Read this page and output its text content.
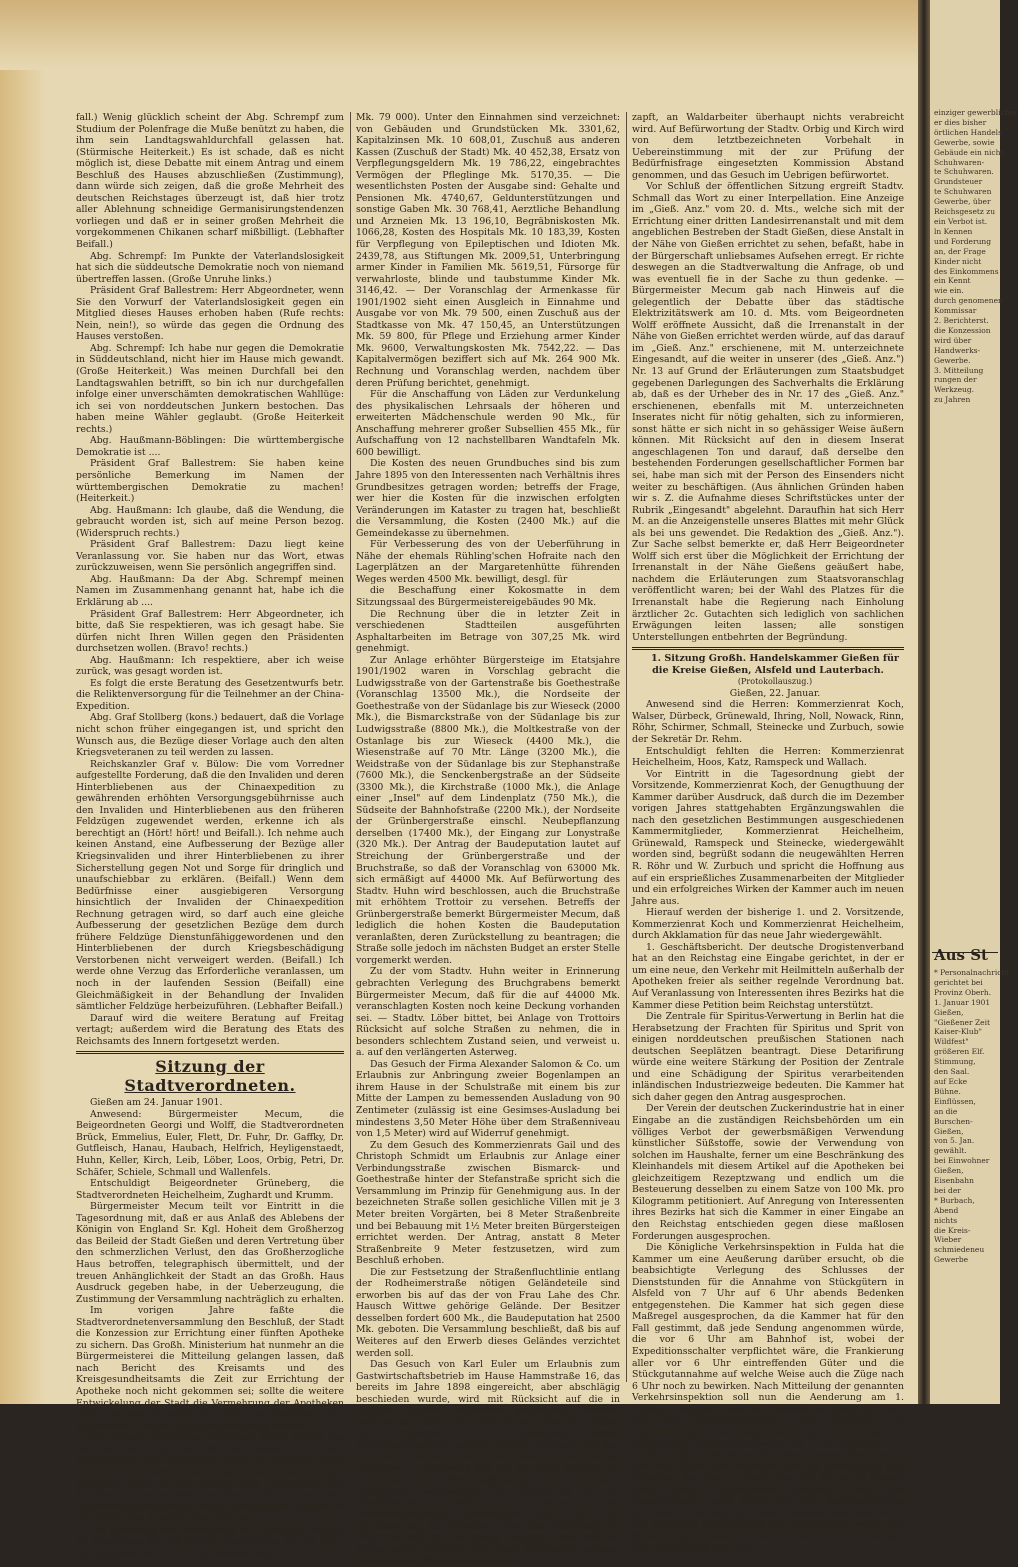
fall.) Wenig glücklich scheint der Abg. Schrempf zum Studium der Polenfrage die Muße benützt zu haben, die ihm sein Landtagswahldurchfall gelassen hat. (Stürmische Heiterkeit.) Es ist schade, daß es nicht möglich ist, diese Debatte mit einem Antrag und einem Beschluß des Hauses abzuschließen (Zustimmung), dann würde sich zeigen, daß die große Mehrheit des deutschen Reichstages überzeugt ist, daß hier trotz aller Ablehnung schneidige Germanisirungstendenzen vorliegen und daß er in seiner großen Mehrheit die vorgekommenen Chikanen scharf mißbilligt. (Lebhafter Beifall.)

Abg. Schrempf: Im Punkte der Vaterlandslosigkeit hat sich die süddeutsche Demokratie noch von niemand übertreffen lassen. (Große Unruhe links.)

Präsident Graf Ballestrem: Herr Abgeordneter, wenn Sie den Vorwurf der Vaterlandslosigkeit gegen ein Mitglied dieses Hauses erhoben haben (Rufe rechts: Nein, nein!), so würde das gegen die Ordnung des Hauses verstoßen.

Abg. Schrempf: Ich habe nur gegen die Demokratie in Süddeutschland, nicht hier im Hause mich gewandt. (Große Heiterkeit.) Was meinen Durchfall bei den Landtagswahlen betrifft, so bin ich nur durchgefallen infolge einer unverschämten demokratischen Wahllüge: ich sei von norddeutschen Junkern bestochen. Das haben meine Wähler geglaubt. (Große Heiterkeit rechts.)

Abg. Haußmann-Böblingen: Die württembergische Demokratie ist ....

Präsident Graf Ballestrem: Sie haben keine persönliche Bemerkung im Namen der württembergischen Demokratie zu machen! (Heiterkeit.)

Abg. Haußmann: Ich glaube, daß die Wendung, die gebraucht worden ist, sich auf meine Person bezog. (Widerspruch rechts.)

Präsident Graf Ballestrem: Dazu liegt keine Veranlassung vor. Sie haben nur das Wort, etwas zurückzuweisen, wenn Sie persönlich angegriffen sind.

Abg. Haußmann: Da der Abg. Schrempf meinen Namen im Zusammenhang genannt hat, habe ich die Erklärung ab ....

Präsident Graf Ballestrem: Herr Abgeordneter, ich bitte, daß Sie respektieren, was ich gesagt habe. Sie dürfen nicht Ihren Willen gegen den Präsidenten durchsetzen wollen. (Bravo! rechts.)

Abg. Haußmann: Ich respektiere, aber ich weise zurück, was gesagt worden ist.

Es folgt die erste Beratung des Gesetzentwurfs betr. die Reliktenversorgung für die Teilnehmer an der China-Expedition.

Abg. Graf Stollberg (kons.) bedauert, daß die Vorlage nicht schon früher eingegangen ist, und spricht den Wunsch aus, die Bezüge dieser Vorlage auch den alten Kriegsveteranen zu teil werden zu lassen.

Reichskanzler Graf v. Bülow: Die vom Vorredner aufgestellte Forderung, daß die den Invaliden und deren Hinterbliebenen aus der Chinaexpedition zu gewährenden erhöhten Versorgungsgebührnisse auch den Invaliden und Hinterbliebenen aus den früheren Feldzügen zugewendet werden, erkenne ich als berechtigt an (Hört! hört! und Beifall.). Ich nehme auch keinen Anstand, eine Aufbesserung der Bezüge aller Kriegsinvaliden und ihrer Hinterbliebenen zu ihrer Sicherstellung gegen Not und Sorge für dringlich und unaufschiebbar zu erklären. (Beifall.) Wenn dem Bedürfnisse einer ausgiebigeren Versorgung hinsichtlich der Invaliden der Chinaexpedition Rechnung getragen wird, so darf auch eine gleiche Aufbesserung der gesetzlichen Bezüge dem durch frühere Feldzüge Dienstunfähiggewordenen und den Hinterbliebenen der durch Kriegsbeschädigung Verstorbenen nicht verweigert werden. (Beifall.) Ich werde ohne Verzug das Erforderliche veranlassen, um noch in der laufenden Session (Beifall) eine Gleichmäßigkeit in der Behandlung der Invaliden sämtlicher Feldzüge herbeizuführen. (Lebhafter Beifall.)

Darauf wird die weitere Beratung auf Freitag vertagt; außerdem wird die Beratung des Etats des Reichsamts des Innern fortgesetzt werden.

Sitzung der Stadtverordneten.

Gießen am 24. Januar 1901.

Anwesend: Bürgermeister Mecum, die Beigeordneten Georgi und Wolff, die Stadtverordneten Brück, Emmelius, Euler, Flett, Dr. Fuhr, Dr. Gaffky, Dr. Gutfleisch, Hanau, Haubach, Helfrich, Heyligenstaedt, Huhn, Keller, Kirch, Leib, Löber, Loos, Orbig, Petri, Dr. Schäfer, Schiele, Schmall und Wallenfels.

Entschuldigt Beigeordneter Grüneberg, die Stadtverordneten Heichelheim, Zughardt und Krumm.

Bürgermeister Mecum teilt vor Eintritt in die Tagesordnung mit, daß er aus Anlaß des Ablebens der Königin von England Sr. Kgl. Hoheit dem Großherzog das Beileid der Stadt Gießen und deren Vertretung über den schmerzlichen Verlust, den das Großherzogliche Haus betroffen, telegraphisch übermittelt, und der treuen Anhänglichkeit der Stadt an das Großh. Haus Ausdruck gegeben habe, in der Ueberzeugung, die Zustimmung der Versammlung nachträglich zu erhalten.

Im vorigen Jahre faßte die Stadtverordnetenversammlung den Beschluß, der Stadt die Konzession zur Errichtung einer fünften Apotheke zu sichern. Das Großh. Ministerium hat nunmehr an die Bürgermeisterei die Mitteilung gelangen lassen, daß nach Bericht des Kreisamts und des Kreisgesundheitsamts die Zeit zur Errichtung der Apotheke noch nicht gekommen sei; sollte die weitere Entwickelung der Stadt die Vermehrung der Apotheken nötig machen, so solle die Stadt bei Vergebung der Konzession in erster Linie berücksichtigt werden.

Der dahier verstorbene Fabrikant Louis Scheid hat der Stadt ein Legat von 2000 Mk. vermacht, mit der Bestimmung, daß die Zinsen davon in Beträgen nicht unter 20 Mk. jährlich an Witwen und Waisen armer Kaufleute, oder an diese selbst, ohne Unterschied der Konfession, ausgezahlt werden. Auf Antrag der Armendeputation erfolgt unter Ausdruck des Dankes an den Stifter die Annahme der Stiftung.

Die Rechnung der Armenkasse für 1899/1900 ergiebt an Einnahmen Mk. 86 468,28 (Voranschlag Mk. 79 000), an Ausgaben Mk. 86 325,28 (Voranschlag

Mk. 79 000). Unter den Einnahmen sind verzeichnet: von Gebäuden und Grundstücken Mk. 3301,62, Kapitalzinsen Mk. 10 608,01, Zuschuß aus anderen Kassen (Zuschuß der Stadt) Mk. 40 452,38, Ersatz von Verpflegungsgeldern Mk. 19 786,22, eingebrachtes Vermögen der Pfleglinge Mk. 5170,35. — Die wesentlichsten Posten der Ausgabe sind: Gehalte und Pensionen Mk. 4740,67, Geldunterstützungen und sonstige Gaben Mk. 30 768,41, Aerztliche Behandlung und Arzneien Mk. 13 196,10, Begräbniskosten Mk. 1066,28, Kosten des Hospitals Mk. 10 183,39, Kosten für Verpflegung von Epileptischen und Idioten Mk. 2439,78, aus Stiftungen Mk. 2009,51, Unterbringung armer Kinder in Familien Mk. 5619,51, Fürsorge für verwahrloste, blinde und taubstumme Kinder Mk. 3146,42. — Der Voranschlag der Armenkasse für 1901/1902 sieht einen Ausgleich in Einnahme und Ausgabe vor von Mk. 79 500, einen Zuschuß aus der Stadtkasse von Mk. 47 150,45, an Unterstützungen Mk. 59 800, für Pflege und Erziehung armer Kinder Mk. 9600, Verwaltungskosten Mk. 7542,22. — Das Kapitalvermögen beziffert sich auf Mk. 264 900 Mk. Rechnung und Voranschlag werden, nachdem über deren Prüfung berichtet, genehmigt.

Für die Anschaffung von Läden zur Verdunkelung des physikalischen Lehrsaals der höheren und erweiterten Mädchenschule werden 90 Mk., für Anschaffung mehrerer großer Subsellien 455 Mk., für Aufschaffung von 12 nachstellbaren Wandtafeln Mk. 600 bewilligt.

Die Kosten des neuen Grundbuches sind bis zum Jahre 1895 von den Interessenten nach Verhältnis ihres Grundbesitzes getragen worden; betreffs der Frage, wer hier die Kosten für die inzwischen erfolgten Veränderungen im Kataster zu tragen hat, beschließt die Versammlung, die Kosten (2400 Mk.) auf die Gemeindekasse zu übernehmen.

Für Verbesserung des von der Ueberführung in Nähe der ehemals Rühling'schen Hofraite nach den Lagerplätzen an der Margaretenhütte führenden Weges werden 4500 Mk. bewilligt, desgl. für

die Beschaffung einer Kokosmatte in dem Sitzungssaal des Bürgermeistereigebäudes 90 Mk.

Die Rechnung über die in letzter Zeit in verschiedenen Stadtteilen ausgeführten Asphaltarbeiten im Betrage von 307,25 Mk. wird genehmigt.

Zur Anlage erhöhter Bürgersteige im Etatsjahre 1901/1902 waren in Vorschlag gebracht die Ludwigsstraße von der Gartenstraße bis Goethestraße (Voranschlag 13500 Mk.), die Nordseite der Goethestraße von der Südanlage bis zur Wieseck (2000 Mk.), die Bismarckstraße von der Südanlage bis zur Ludwigsstraße (8800 Mk.), die Moltkestraße von der Ostanlage bis zur Wieseck (4400 Mk.), die Wiesenstraße auf 70 Mtr. Länge (3200 Mk.), die Weidstraße von der Südanlage bis zur Stephanstraße (7600 Mk.), die Senckenbergstraße an der Südseite (3300 Mk.), die Kirchstraße (1000 Mk.), die Anlage einer „Insel" auf dem Lindenplatz (750 Mk.), die Südseite der Bahnhofstraße (2200 Mk.), der Nordseite der Grünbergerstraße einschl. Neubepflanzung derselben (17400 Mk.), der Eingang zur Lonystraße (320 Mk.). Der Antrag der Baudeputation lautet auf Streichung der Grünbergerstraße und der Bruchstraße, so daß der Voranschlag von 63000 Mk. sich ermäßigt auf 44000 Mk. Auf Befürwortung des Stadtv. Huhn wird beschlossen, auch die Bruchstraße mit erhöhtem Trottoir zu versehen. Betreffs der Grünbergerstraße bemerkt Bürgermeister Mecum, daß lediglich die hohen Kosten die Baudeputation veranlaßten, deren Zurückstellung zu beantragen; die Straße solle jedoch im nächsten Budget an erster Stelle vorgemerkt werden.

Zu der vom Stadtv. Huhn weiter in Erinnerung gebrachten Verlegung des Bruchgrabens bemerkt Bürgermeister Mecum, daß für die auf 44000 Mk. veranschlagten Kosten noch keine Deckung vorhanden sei. — Stadtv. Löber bittet, bei Anlage von Trottoirs Rücksicht auf solche Straßen zu nehmen, die in besonders schlechtem Zustand seien, und verweist u. a. auf den verlängerten Asterweg.

Das Gesuch der Firma Alexander Salomon & Co. um Erlaubnis zur Anbringung zweier Bogenlampen an ihrem Hause in der Schulstraße mit einem bis zur Mitte der Lampen zu bemessenden Ausladung von 90 Zentimeter (zulässig ist eine Gesimses-Ausladung bei mindestens 3,50 Meter Höhe über dem Straßenniveau von 1,5 Meter) wird auf Widerruf genehmigt.

Zu dem Gesuch des Kommerzienrats Gail und des Christoph Schmidt um Erlaubnis zur Anlage einer Verbindungsstraße zwischen Bismarck- und Goethestraße hinter der Stefanstraße spricht sich die Versammlung im Prinzip für Genehmigung aus. In der bezeichneten Straße sollen gesichliche Villen mit je 3 Meter breiten Vorgärten, bei 8 Meter Straßenbreite und bei Bebauung mit 1½ Meter breiten Bürgersteigen errichtet werden. Der Antrag, anstatt 8 Meter Straßenbreite 9 Meter festzusetzen, wird zum Beschluß erhoben.

Die zur Festsetzung der Straßenfluchtlinie entlang der Rodheimerstraße nötigen Geländeteile sind erworben bis auf das der von Frau Lahe des Chr. Hausch Wittwe gehörige Gelände. Der Besitzer desselben fordert 600 Mk., die Baudeputation hat 2500 Mk. geboten. Die Versammlung beschließt, daß bis auf Weiteres auf den Erwerb dieses Geländes verzichtet werden soll.

Das Gesuch von Karl Euler um Erlaubnis zum Gastwirtschaftsbetrieb im Hause Hammstraße 16, das bereits im Jahre 1898 eingereicht, aber abschlägig beschieden wurde, wird mit Rücksicht auf die in dortiger Gegend inzwischen gestiegenen Verkehr befürwortet, desgl. das Gesuch von Heinrich Hettler um Erlaubnis zur Ausdehnung seines Wirtschaftsbetriebs auf ein weiteres Zimmer und den vor dem Hause Frankfurterstraße 1 befindlichen Vorgarten. — Forstwart Arft hat für seine Ehefrau um Erlaubnis zum Wirtschaftsbetrieb im „Forsthaus Hochwarte" nachgesucht. Das Gesuch ist von der Oberförsterei befürwortet worden. Die landwirtschaftliche Kommission hat sich für Genehmigung des Gesuches unter dem Vorbehalt des Widerrufs und der Bedingung ausgesprochen, daß die Preise unter Kontrolle der Stadt festgesetzt werden, gewöhnlicher Branntwein nicht ver-

zapft, an Waldarbeiter überhaupt nichts verabreicht wird. Auf Befürwortung der Stadtv. Orbig und Kirch wird von dem letztbezeichneten Vorbehalt in Uebereinstimmung mit der zur Prüfung der Bedürfnisfrage eingesetzten Kommission Abstand genommen, und das Gesuch im Uebrigen befürwortet.

Vor Schluß der öffentlichen Sitzung ergreift Stadtv. Schmall das Wort zu einer Interpellation. Eine Anzeige im „Gieß. Anz." vom 20. d. Mts., welche sich mit der Errichtung einer dritten Landesirrenanstalt und mit dem angeblichen Bestreben der Stadt Gießen, diese Anstalt in der Nähe von Gießen errichtet zu sehen, befaßt, habe in der Bürgerschaft unliebsames Aufsehen erregt. Er richte deswegen an die Stadtverwaltung die Anfrage, ob und was eventuell fie in der Sache zu thun gedenke. — Bürgermeister Mecum gab nach Hinweis auf die gelegentlich der Debatte über das städtische Elektrizitätswerk am 10. d. Mts. vom Beigeordneten Wolff eröffnete Aussicht, daß die Irrenanstalt in der Nähe von Gießen errichtet werden würde, auf das darauf im „Gieß. Anz." erschienene, mit M. unterzeichnete Eingesandt, auf die weiter in unserer (des „Gieß. Anz.") Nr. 13 auf Grund der Erläuterungen zum Staatsbudget gegebenen Darlegungen des Sachverhalts die Erklärung ab, daß es der Urheber des in Nr. 17 des „Gieß. Anz." erschienenen, ebenfalls mit M. unterzeichneten Inserates nicht für nötig gehalten, sich zu informieren, sonst hätte er sich nicht in so gehässiger Weise äußern können. Mit Rücksicht auf den in diesem Inserat angeschlagenen Ton und darauf, daß derselbe den bestehenden Forderungen gesellschaftlicher Formen bar sei, habe man sich mit der Person des Einsenders nicht weiter zu beschäftigen. (Aus ähnlichen Gründen haben wir s. Z. die Aufnahme dieses Schriftstückes unter der Rubrik „Eingesandt" abgelehnt. Daraufhin hat sich Herr M. an die Anzeigenstelle unseres Blattes mit mehr Glück als bei uns gewendet. Die Redaktion des „Gieß. Anz."). Zur Sache selbst bemerkte er, daß Herr Beigeordneter Wolff sich erst über die Möglichkeit der Errichtung der Irrenanstalt in der Nähe Gießens geäußert habe, nachdem die Erläuterungen zum Staatsvoranschlag veröffentlicht waren; bei der Wahl des Platzes für die Irrenanstalt habe die Regierung nach Einholung ärztlicher 2c. Gutachten sich lediglich von sachlichen Erwägungen leiten lassen; alle sonstigen Unterstellungen entbehrten der Begründung.

1. Sitzung Großh. Handelskammer Gießen für die Kreise Gießen, Alsfeld und Lauterbach.

(Protokollauszug.)

Gießen, 22. Januar.

Anwesend sind die Herren: Kommerzienrat Koch, Walser, Dürbeck, Grünewald, Ihring, Noll, Nowack, Rinn, Röhr, Schirmer, Schmall, Steinecke und Zurbuch, sowie der Sekretär Dr. Rehm.

Entschuldigt fehlten die Herren: Kommerzienrat Heichelheim, Hoos, Katz, Ramspeck und Wallach.

Vor Eintritt in die Tagesordnung giebt der Vorsitzende, Kommerzienrat Koch, der Genugthuung der Kammer darüber Ausdruck, daß durch die im Dezember vorigen Jahres stattgehabten Ergänzungswahlen die nach den gesetzlichen Bestimmungen ausgeschiedenen Kammermitglieder, Kommerzienrat Heichelheim, Grünewald, Ramspeck und Steinecke, wiedergewählt worden sind, begrüßt sodann die neugewählten Herren R. Röhr und W. Zurbuch und spricht die Hoffnung aus auf ein ersprießliches Zusammenarbeiten der Mitglieder und ein erfolgreiches Wirken der Kammer auch im neuen Jahre aus.

Hierauf werden der bisherige 1. und 2. Vorsitzende, Kommerzienrat Koch und Kommerzienrat Heichelheim, durch Akklamation für das neue Jahr wiedergewählt.

1. Geschäftsbericht. Der deutsche Drogistenverband hat an den Reichstag eine Eingabe gerichtet, in der er um eine neue, den Verkehr mit Heilmitteln außerhalb der Apotheken freier als seither regelnde Verordnung bat. Auf Veranlassung von Interessenten ihres Bezirks hat die Kammer diese Petition beim Reichstag unterstützt.

Die Zentrale für Spiritus-Verwertung in Berlin hat die Herabsetzung der Frachten für Spiritus und Sprit von einigen norddeutschen preußischen Stationen nach deutschen Seeplätzen beantragt. Diese Detarifirung würde eine weitere Stärkung der Position der Zentrale und eine Schädigung der Spiritus verarbeitenden inländischen Industriezweige bedeuten. Die Kammer hat sich daher gegen den Antrag ausgesprochen.

Der Verein der deutschen Zuckerindustrie hat in einer Eingabe an die zuständigen Reichsbehörden um ein völliges Verbot der gewerbsmäßigen Verwendung künstlicher Süßstoffe, sowie der Verwendung von solchen im Haushalte, ferner um eine Beschränkung des Kleinhandels mit diesem Artikel auf die Apotheken bei gleichzeitigem Rezeptzwang und endlich um die Besteuerung desselben zu einem Satze von 100 Mk. pro Kilogramm petitioniert. Auf Anregung von Interessenten ihres Bezirks hat sich die Kammer in einer Eingabe an den Reichstag entschieden gegen diese maßlosen Forderungen ausgesprochen.

Die Königliche Verkehrsinspektion in Fulda hat die Kammer um eine Aeußerung darüber ersucht, ob die beabsichtigte Verlegung des Schlusses der Dienststunden für die Annahme von Stückgütern in Alsfeld von 7 Uhr auf 6 Uhr abends Bedenken entgegenstehen. Die Kammer hat sich gegen diese Maßregel ausgesprochen, da die Kammer hat für den Fall gestimmt, daß jede Sendung angenommen würde, die vor 6 Uhr am Bahnhof ist, wobei der Expeditionsschalter verpflichtet wäre, die Frankierung aller vor 6 Uhr eintreffenden Güter und die Stückgutannahme auf welche Weise auch die Züge nach 6 Uhr noch zu bewirken. Nach Mitteilung der genannten Verkehrsinspektion soll nun die Aenderung am 1. Februar eingeführt werden. Dieselbe erstreckt sich nur auf die Stückgutannahme und -Ausgabe im Güterschuppen. Die Dienststunden der Güterkasse und Abfertigung bleiben unverändert bis 7 Uhr bestehen.

Hinsichtlich der Versendung der Kammer-Steuerzettel sind eine Reihe von Anfragen über die Berechnung und Erhebung der Steuer eingelaufen. Mit Rücksicht hierauf wird darauf aufmerksam gemacht, daß die Kammersteuer nach einem für alle Wahlberechtigte gleichen Prozentsatz der Gewerbesteuer berechnet wird. Die Erhebung erfolgt durch die Finanzämter, welche für diese Funktion seitens Großh. Ministerium der Finanzen eine Aufstellung nur zum

einziger gewerblicher
er dies bisher
örtlichen Handels
Gewerbe, sowie
Gebäude ein nicht
Schuhwaren-
te Schuhwaren.
Grundsteuer
te Schuhwaren
Gewerbe, über
Reichsgesetz zu
ein Verbot ist.
ln Kennen
und Forderung
an, der Frage
Kinder nicht
des Einkommens
ein Kennt
wie ein.
durch genomenen
Kommissar
2. Berichterst.
die Konzession
wird über
Handwerks-
Gewerbe.
3. Mitteilung
rungen der
Werkzeug.
zu Jahren
Aus St
* Personalnachricht
gerichtet bei
Provinz Oberh.
1. Januar 1901
Gießen,
"Gießener Zeit
Kaiser-Klub"
Wildfest"
größeren Elf.
Stimmung,
den Saal.
auf Ecke
Bühne.
Einflüssen,
an die
Burschen-
Gießen,
von 5. Jan.
gewählt.
bei Einwohner
Gießen,
Eisenbahn
bei der
* Burbach,
Abend
nichts
die Kreis-
Wieber
schmiedeneu
Gewerbe
